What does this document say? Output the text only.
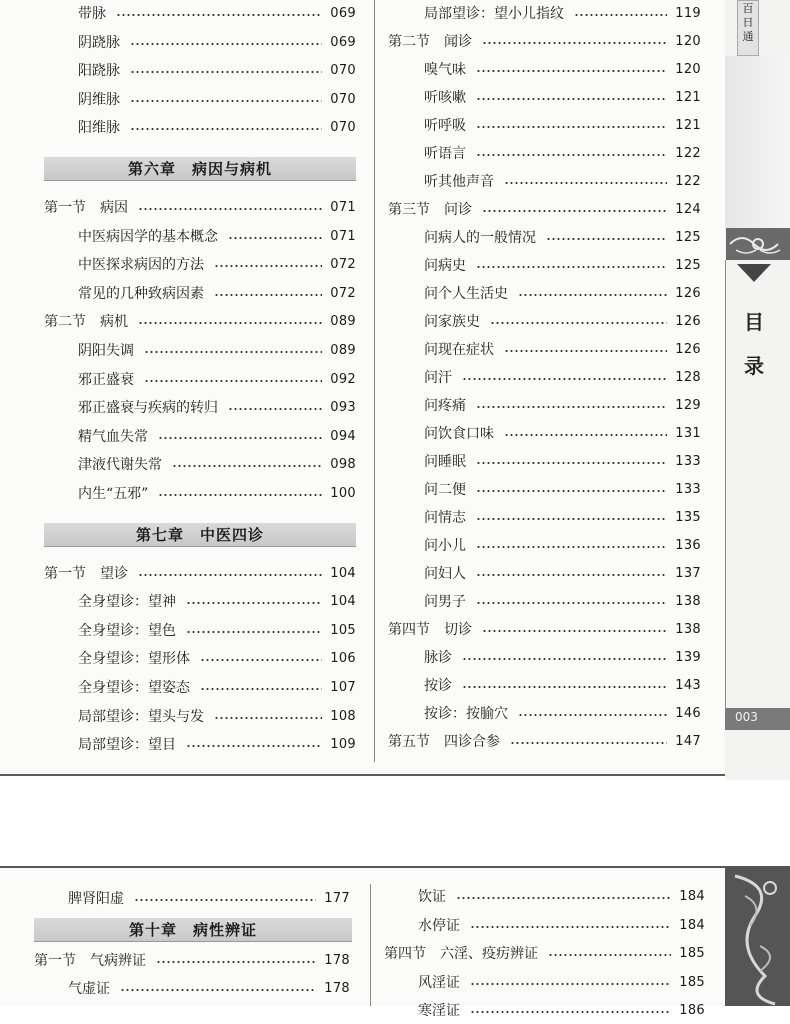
带脉	069
阴跷脉	069
阳跷脉	070
阴维脉	070
阳维脉	070
第六章　病因与病机
第一节　病因	071
中医病因学的基本概念	071
中医探求病因的方法	072
常见的几种致病因素	072
第二节　病机	089
阴阳失调	089
邪正盛衰	092
邪正盛衰与疾病的转归	093
精气血失常	094
津液代谢失常	098
内生“五邪”	100
第七章　中医四诊
第一节　望诊	104
全身望诊：望神	104
全身望诊：望色	105
全身望诊：望形体	106
全身望诊：望姿态	107
局部望诊：望头与发	108
局部望诊：望目	109
局部望诊：望小儿指纹	119
第二节　闻诊	120
嗅气味	120
听咳嗽	121
听呼吸	121
听语言	122
听其他声音	122
第三节　问诊	124
问病人的一般情况	125
问病史	125
问个人生活史	126
问家族史	126
问现在症状	126
问汗	128
问疼痛	129
问饮食口味	131
问睡眠	133
问二便	133
问情志	135
问小儿	136
问妇人	137
问男子	138
第四节　切诊	138
脉诊	139
按诊	143
按诊：按腧穴	146
第五节　四诊合参	147
百日通
目
录
003
脾肾阳虚	177
第十章　病性辨证
第一节　气病辨证	178
气虚证	178
饮证	184
水停证	184
第四节　六淫、疫疠辨证	185
风淫证	185
寒淫证	186
